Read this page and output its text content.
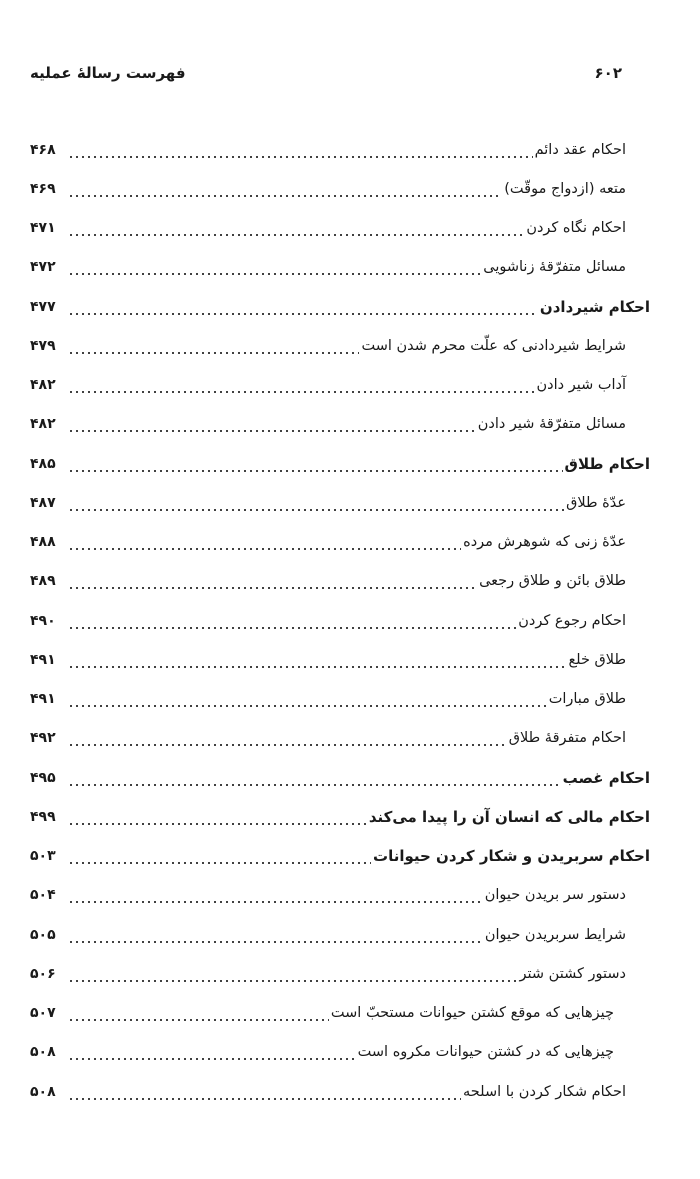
فهرست رسالهٔ عملیه	۶۰۲
احکام عقد دائم
۴۶۸
متعه (ازدواج موقّت)
۴۶۹
احکام نگاه کردن
۴۷۱
مسائل متفرّقهٔ زناشویی
۴۷۲
احکام شیردادن
۴۷۷
شرایط شیردادنی که علّت محرم شدن است
۴۷۹
آداب شیر دادن
۴۸۲
مسائل متفرّقهٔ شیر دادن
۴۸۲
احکام طلاق
۴۸۵
عدّهٔ طلاق
۴۸۷
عدّهٔ زنی که شوهرش مرده
۴۸۸
طلاق بائن و طلاق رجعی
۴۸۹
احکام رجوع کردن
۴۹۰
طلاق خلع
۴۹۱
طلاق مبارات
۴۹۱
احکام متفرقهٔ طلاق
۴۹۲
احکام غصب
۴۹۵
احکام مالی که انسان آن را پیدا می‌کند
۴۹۹
احکام سربریدن و شکار کردن حیوانات
۵۰۳
دستور سر بریدن حیوان
۵۰۴
شرایط سربریدن حیوان
۵۰۵
دستور کشتن شتر
۵۰۶
چیزهایی که موقع کشتن حیوانات مستحبّ است
۵۰۷
چیزهایی که در کشتن حیوانات مکروه است
۵۰۸
احکام شکار کردن با اسلحه
۵۰۸
